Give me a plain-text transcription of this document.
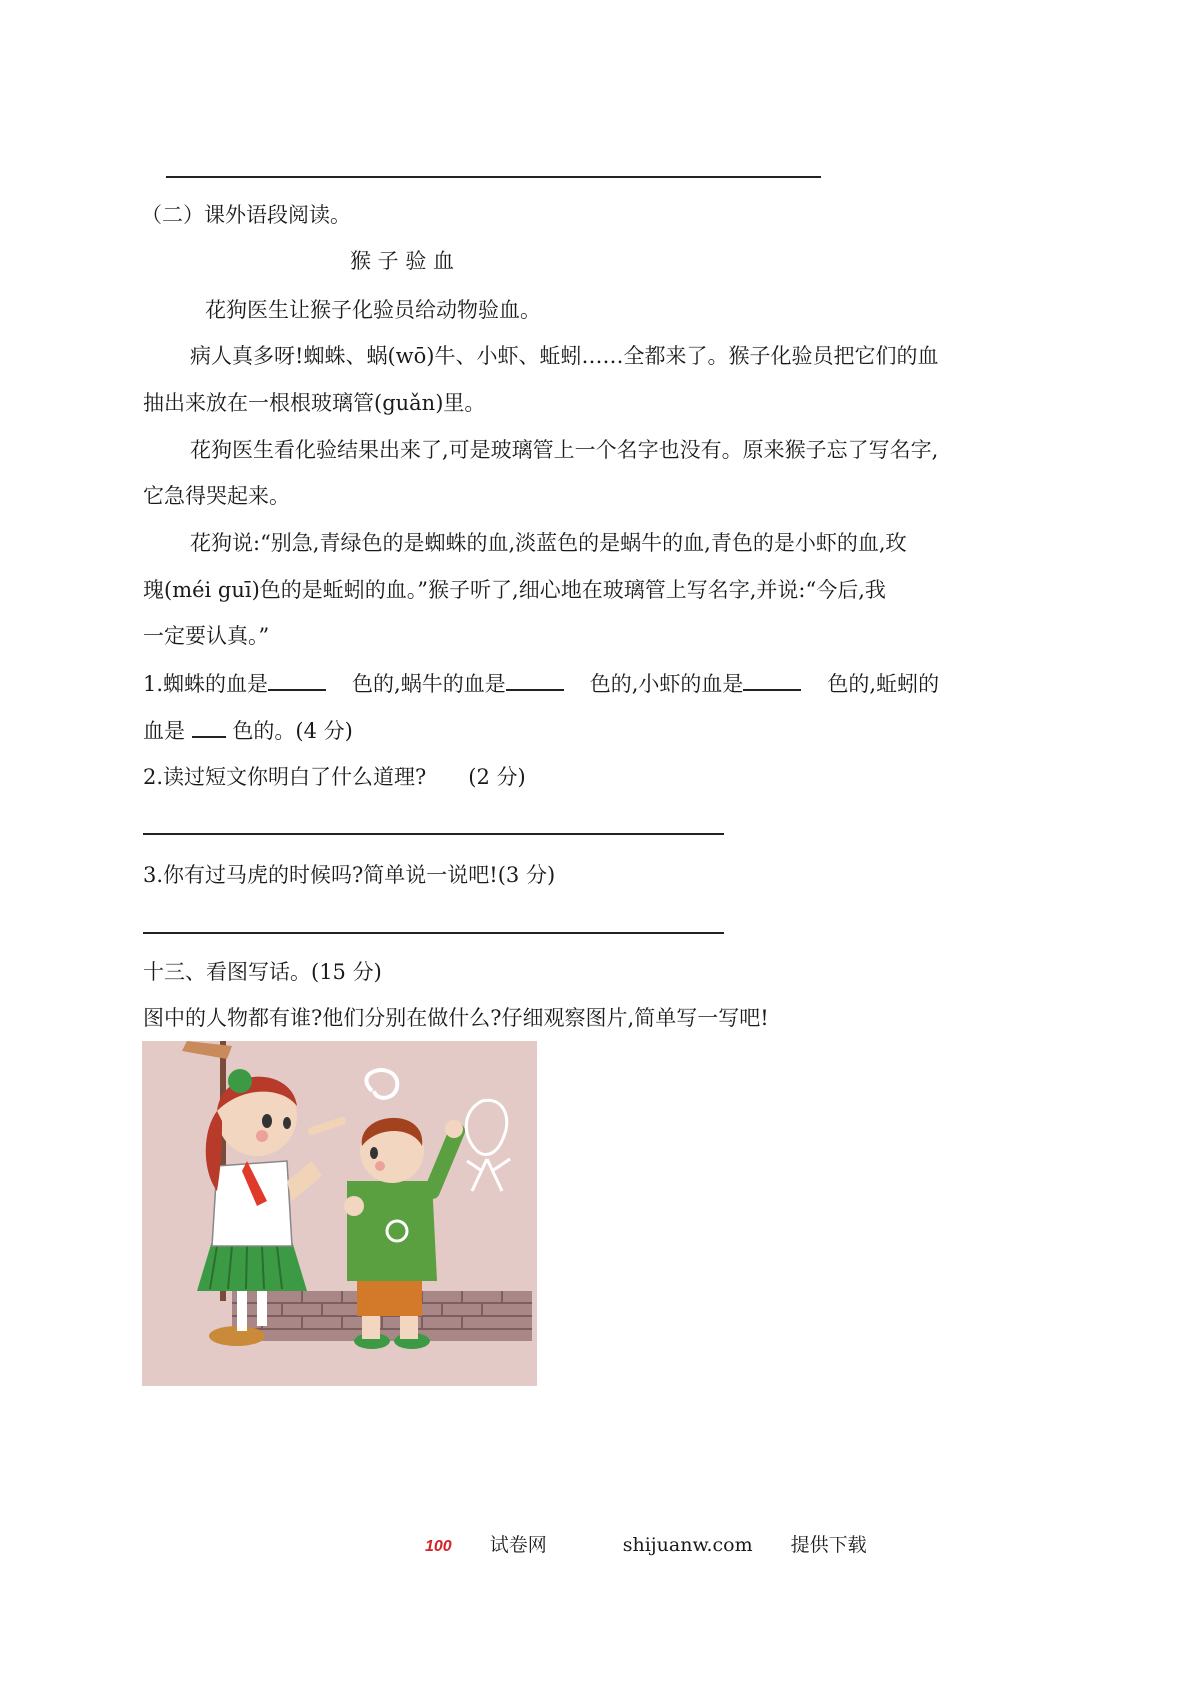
（二）课外语段阅读。
猴 子 验 血
花狗医生让猴子化验员给动物验血。
病人真多呀!蜘蛛、蜗(wō)牛、小虾、蚯蚓……全都来了。猴子化验员把它们的血
抽出来放在一根根玻璃管(guǎn)里。
花狗医生看化验结果出来了,可是玻璃管上一个名字也没有。原来猴子忘了写名字,
它急得哭起来。
花狗说:“别急,青绿色的是蜘蛛的血,淡蓝色的是蜗牛的血,青色的是小虾的血,玫
瑰(méi guī)色的是蚯蚓的血。”猴子听了,细心地在玻璃管上写名字,并说:“今后,我
一定要认真。”
1.蜘蛛的血是	色的,蜗牛的血是	色的,小虾的血是	色的,蚯蚓的
血是 色的。(4 分)
2.读过短文你明白了什么道理? (2 分)
3.你有过马虎的时候吗?简单说一说吧!(3 分)
十三、看图写话。(15 分)
图中的人物都有谁?他们分别在做什么?仔细观察图片,简单写一写吧!
100 试卷网	shijuanw.com 提供下载
